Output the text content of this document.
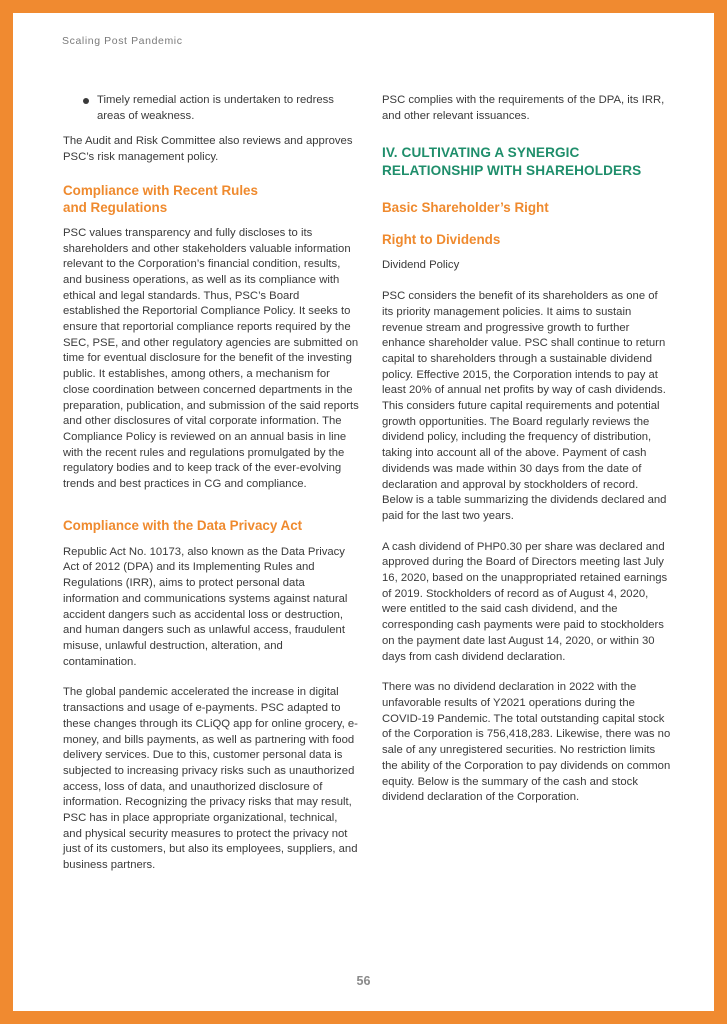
Scaling Post Pandemic

Timely remedial action is undertaken to redress areas of weakness.

The Audit and Risk Committee also reviews and approves PSC’s risk management policy.

Compliance with Recent Rules
and Regulations

PSC values transparency and fully discloses to its shareholders and other stakeholders valuable information relevant to the Corporation’s financial condition, results, and business operations, as well as its compliance with ethical and legal standards. Thus, PSC’s Board established the Reportorial Compliance Policy. It seeks to ensure that reportorial compliance reports required by the SEC, PSE, and other regulatory agencies are submitted on time for eventual disclosure for the benefit of the investing public. It establishes, among others, a mechanism for close coordination between concerned departments in the preparation, publication, and submission of the said reports and other disclosures of vital corporate information. The Compliance Policy is reviewed on an annual basis in line with the recent rules and regulations promulgated by the regulatory bodies and to keep track of the ever-evolving trends and best practices in CG and compliance.

Compliance with the Data Privacy Act

Republic Act No. 10173, also known as the Data Privacy Act of 2012 (DPA) and its Implementing Rules and Regulations (IRR), aims to protect personal data information and communications systems against natural accident dangers such as accidental loss or destruction, and human dangers such as unlawful access, fraudulent misuse, unlawful destruction, alteration, and contamination.

The global pandemic accelerated the increase in digital transactions and usage of e-payments. PSC adapted to these changes through its CLiQQ app for online grocery, e-money, and bills payments, as well as partnering with food delivery services. Due to this, customer personal data is subjected to increasing privacy risks such as unauthorized access, loss of data, and unauthorized disclosure of information. Recognizing the privacy risks that may result, PSC has in place appropriate organizational, technical, and physical security measures to protect the privacy not just of its customers, but also its employees, suppliers, and business partners.

PSC complies with the requirements of the DPA, its IRR, and other relevant issuances.

IV. CULTIVATING A SYNERGIC
RELATIONSHIP WITH SHAREHOLDERS
Basic Shareholder’s Right
Right to Dividends

Dividend Policy

PSC considers the benefit of its shareholders as one of its priority management policies. It aims to sustain revenue stream and progressive growth to further enhance shareholder value. PSC shall continue to return capital to shareholders through a sustainable dividend policy. Effective 2015, the Corporation intends to pay at least 20% of annual net profits by way of cash dividends. This considers future capital requirements and potential growth opportunities. The Board regularly reviews the dividend policy, including the frequency of distribution, taking into account all of the above. Payment of cash dividends was made within 30 days from the date of declaration and approval by stockholders of record. Below is a table summarizing the dividends declared and paid for the last two years.

A cash dividend of PHP0.30 per share was declared and approved during the Board of Directors meeting last July 16, 2020, based on the unappropriated retained earnings of 2019. Stockholders of record as of August 4, 2020, were entitled to the said cash dividend, and the corresponding cash payments were paid to stockholders on the payment date last August 14, 2020, or within 30 days from cash dividend declaration.

There was no dividend declaration in 2022 with the unfavorable results of Y2021 operations during the COVID-19 Pandemic. The total outstanding capital stock of the Corporation is 756,418,283. Likewise, there was no sale of any unregistered securities. No restriction limits the ability of the Corporation to pay dividends on common equity. Below is the summary of the cash and stock dividend declaration of the Corporation.

56
